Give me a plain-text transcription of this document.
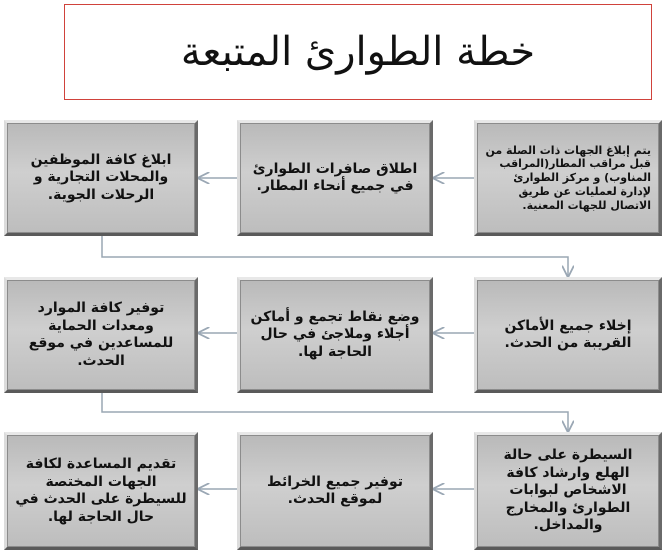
خطة الطوارئ المتبعة
يتم إبلاغ الجهات ذات الصلة من قبل مراقب المطار(المراقب المناوب) و مركز الطوارئ لإدارة لعمليات عن طريق الاتصال للجهات المعنية.
اطلاق صافرات الطوارئ في جميع أنحاء المطار.
ابلاغ كافة الموظفين والمحلات التجارية و الرحلات الجوية.
إخلاء جميع الأماكن القريبة من الحدث.
وضع نقاط تجمع و أماكن أجلاء وملاجئ في حال الحاجة لها.
توفير كافة الموارد ومعدات الحماية للمساعدين في موقع الحدث.
السيطرة على حالة الهلع وارشاد كافة الاشخاص لبوابات الطوارئ والمخارج والمداخل.
توفير جميع الخرائط لموقع الحدث.
تقديم المساعدة لكافة الجهات المختصة للسيطرة على الحدث في حال الحاجة لها.
